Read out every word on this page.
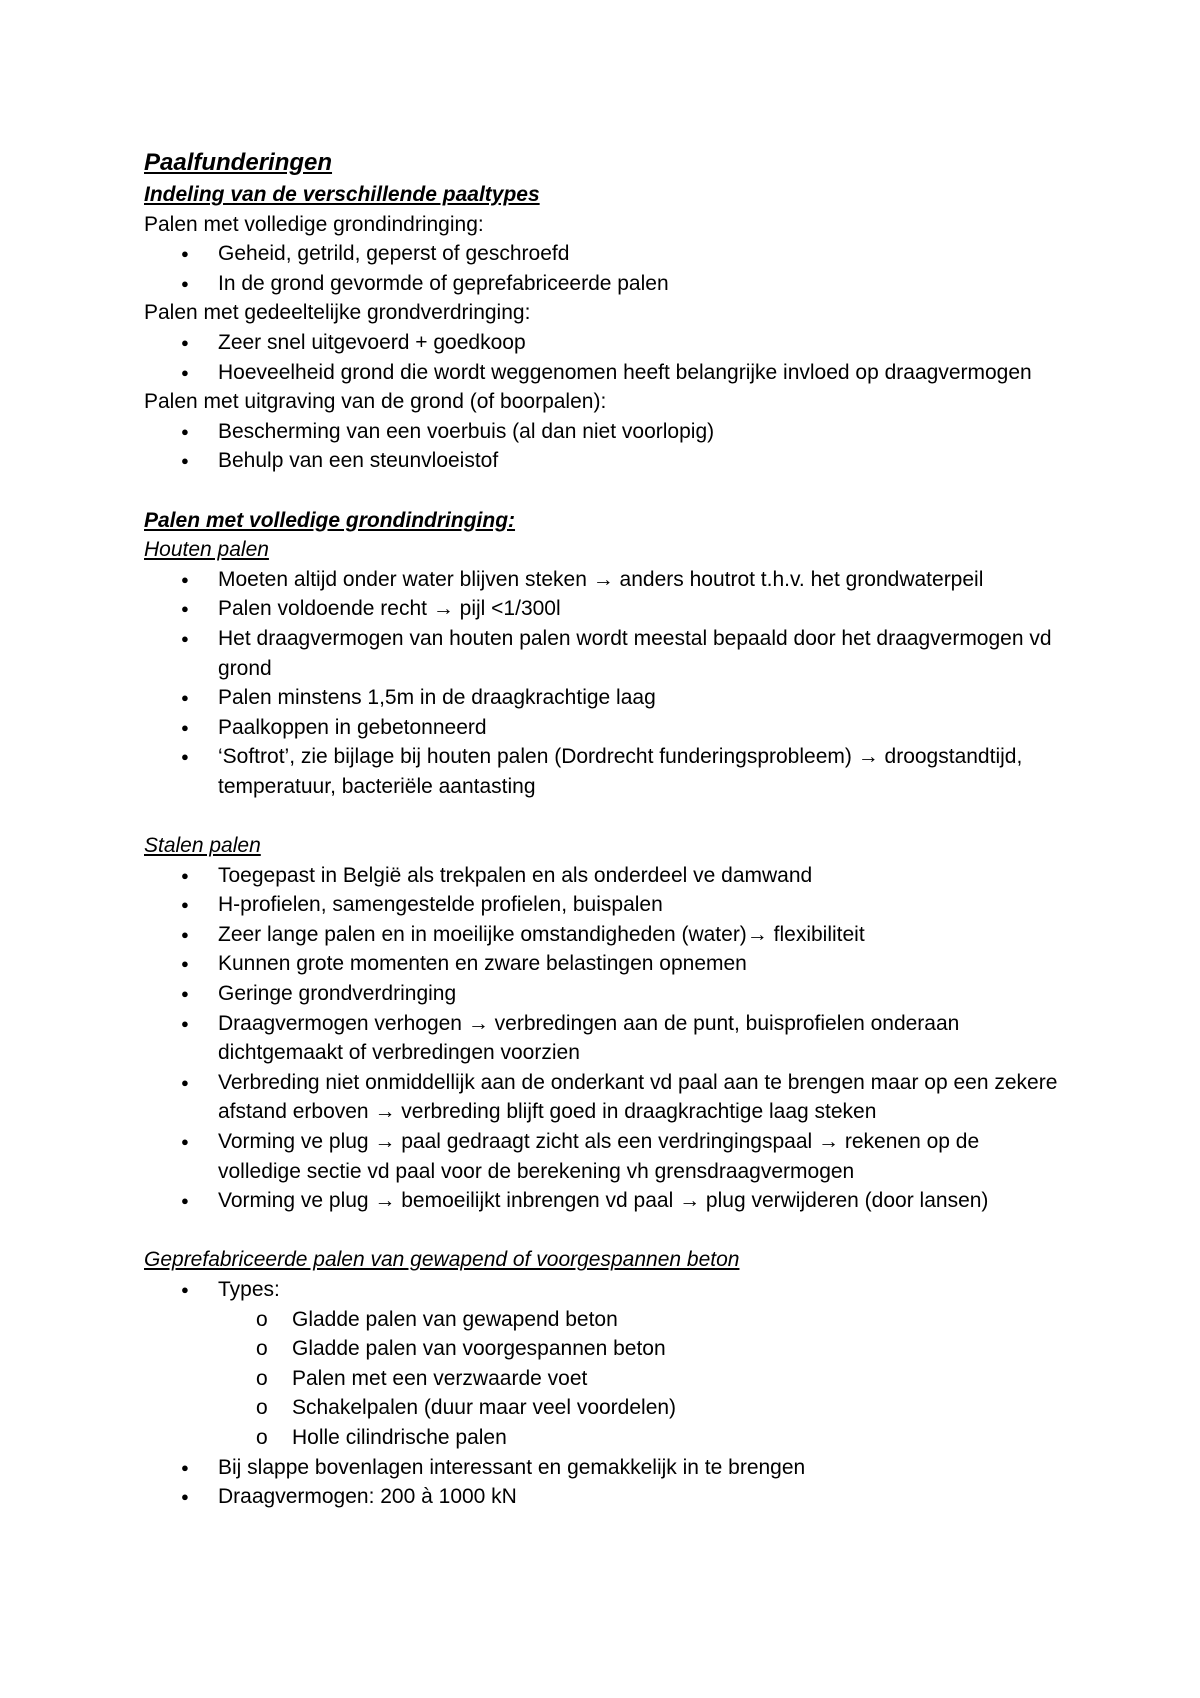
Paalfunderingen
Indeling van de verschillende paaltypes
Palen met volledige grondindringing:
● Geheid, getrild, geperst of geschroefd
● In de grond gevormde of geprefabriceerde palen
Palen met gedeeltelijke grondverdringing:
● Zeer snel uitgevoerd + goedkoop
● Hoeveelheid grond die wordt weggenomen heeft belangrijke invloed op draagvermogen
Palen met uitgraving van de grond (of boorpalen):
● Bescherming van een voerbuis (al dan niet voorlopig)
● Behulp van een steunvloeistof
Palen met volledige grondindringing:
Houten palen
● Moeten altijd onder water blijven steken → anders houtrot t.h.v. het grondwaterpeil
● Palen voldoende recht → pijl <1/300l
● Het draagvermogen van houten palen wordt meestal bepaald door het draagvermogen vd grond
● Palen minstens 1,5m in de draagkrachtige laag
● Paalkoppen in gebetonneerd
● ‘Softrot’, zie bijlage bij houten palen (Dordrecht funderingsprobleem) → droogstandtijd, temperatuur, bacteriële aantasting
Stalen palen
● Toegepast in België als trekpalen en als onderdeel ve damwand
● H-profielen, samengestelde profielen, buispalen
● Zeer lange palen en in moeilijke omstandigheden (water)→ flexibiliteit
● Kunnen grote momenten en zware belastingen opnemen
● Geringe grondverdringing
● Draagvermogen verhogen → verbredingen aan de punt, buisprofielen onderaan dichtgemaakt of verbredingen voorzien
● Verbreding niet onmiddellijk aan de onderkant vd paal aan te brengen maar op een zekere afstand erboven → verbreding blijft goed in draagkrachtige laag steken
● Vorming ve plug → paal gedraagt zicht als een verdringingspaal → rekenen op de volledige sectie vd paal voor de berekening vh grensdraagvermogen
● Vorming ve plug → bemoeilijkt inbrengen vd paal → plug verwijderen (door lansen)
Geprefabriceerde palen van gewapend of voorgespannen beton
● Types:
o Gladde palen van gewapend beton
o Gladde palen van voorgespannen beton
o Palen met een verzwaarde voet
o Schakelpalen (duur maar veel voordelen)
o Holle cilindrische palen
● Bij slappe bovenlagen interessant en gemakkelijk in te brengen
● Draagvermogen: 200 à 1000 kN
